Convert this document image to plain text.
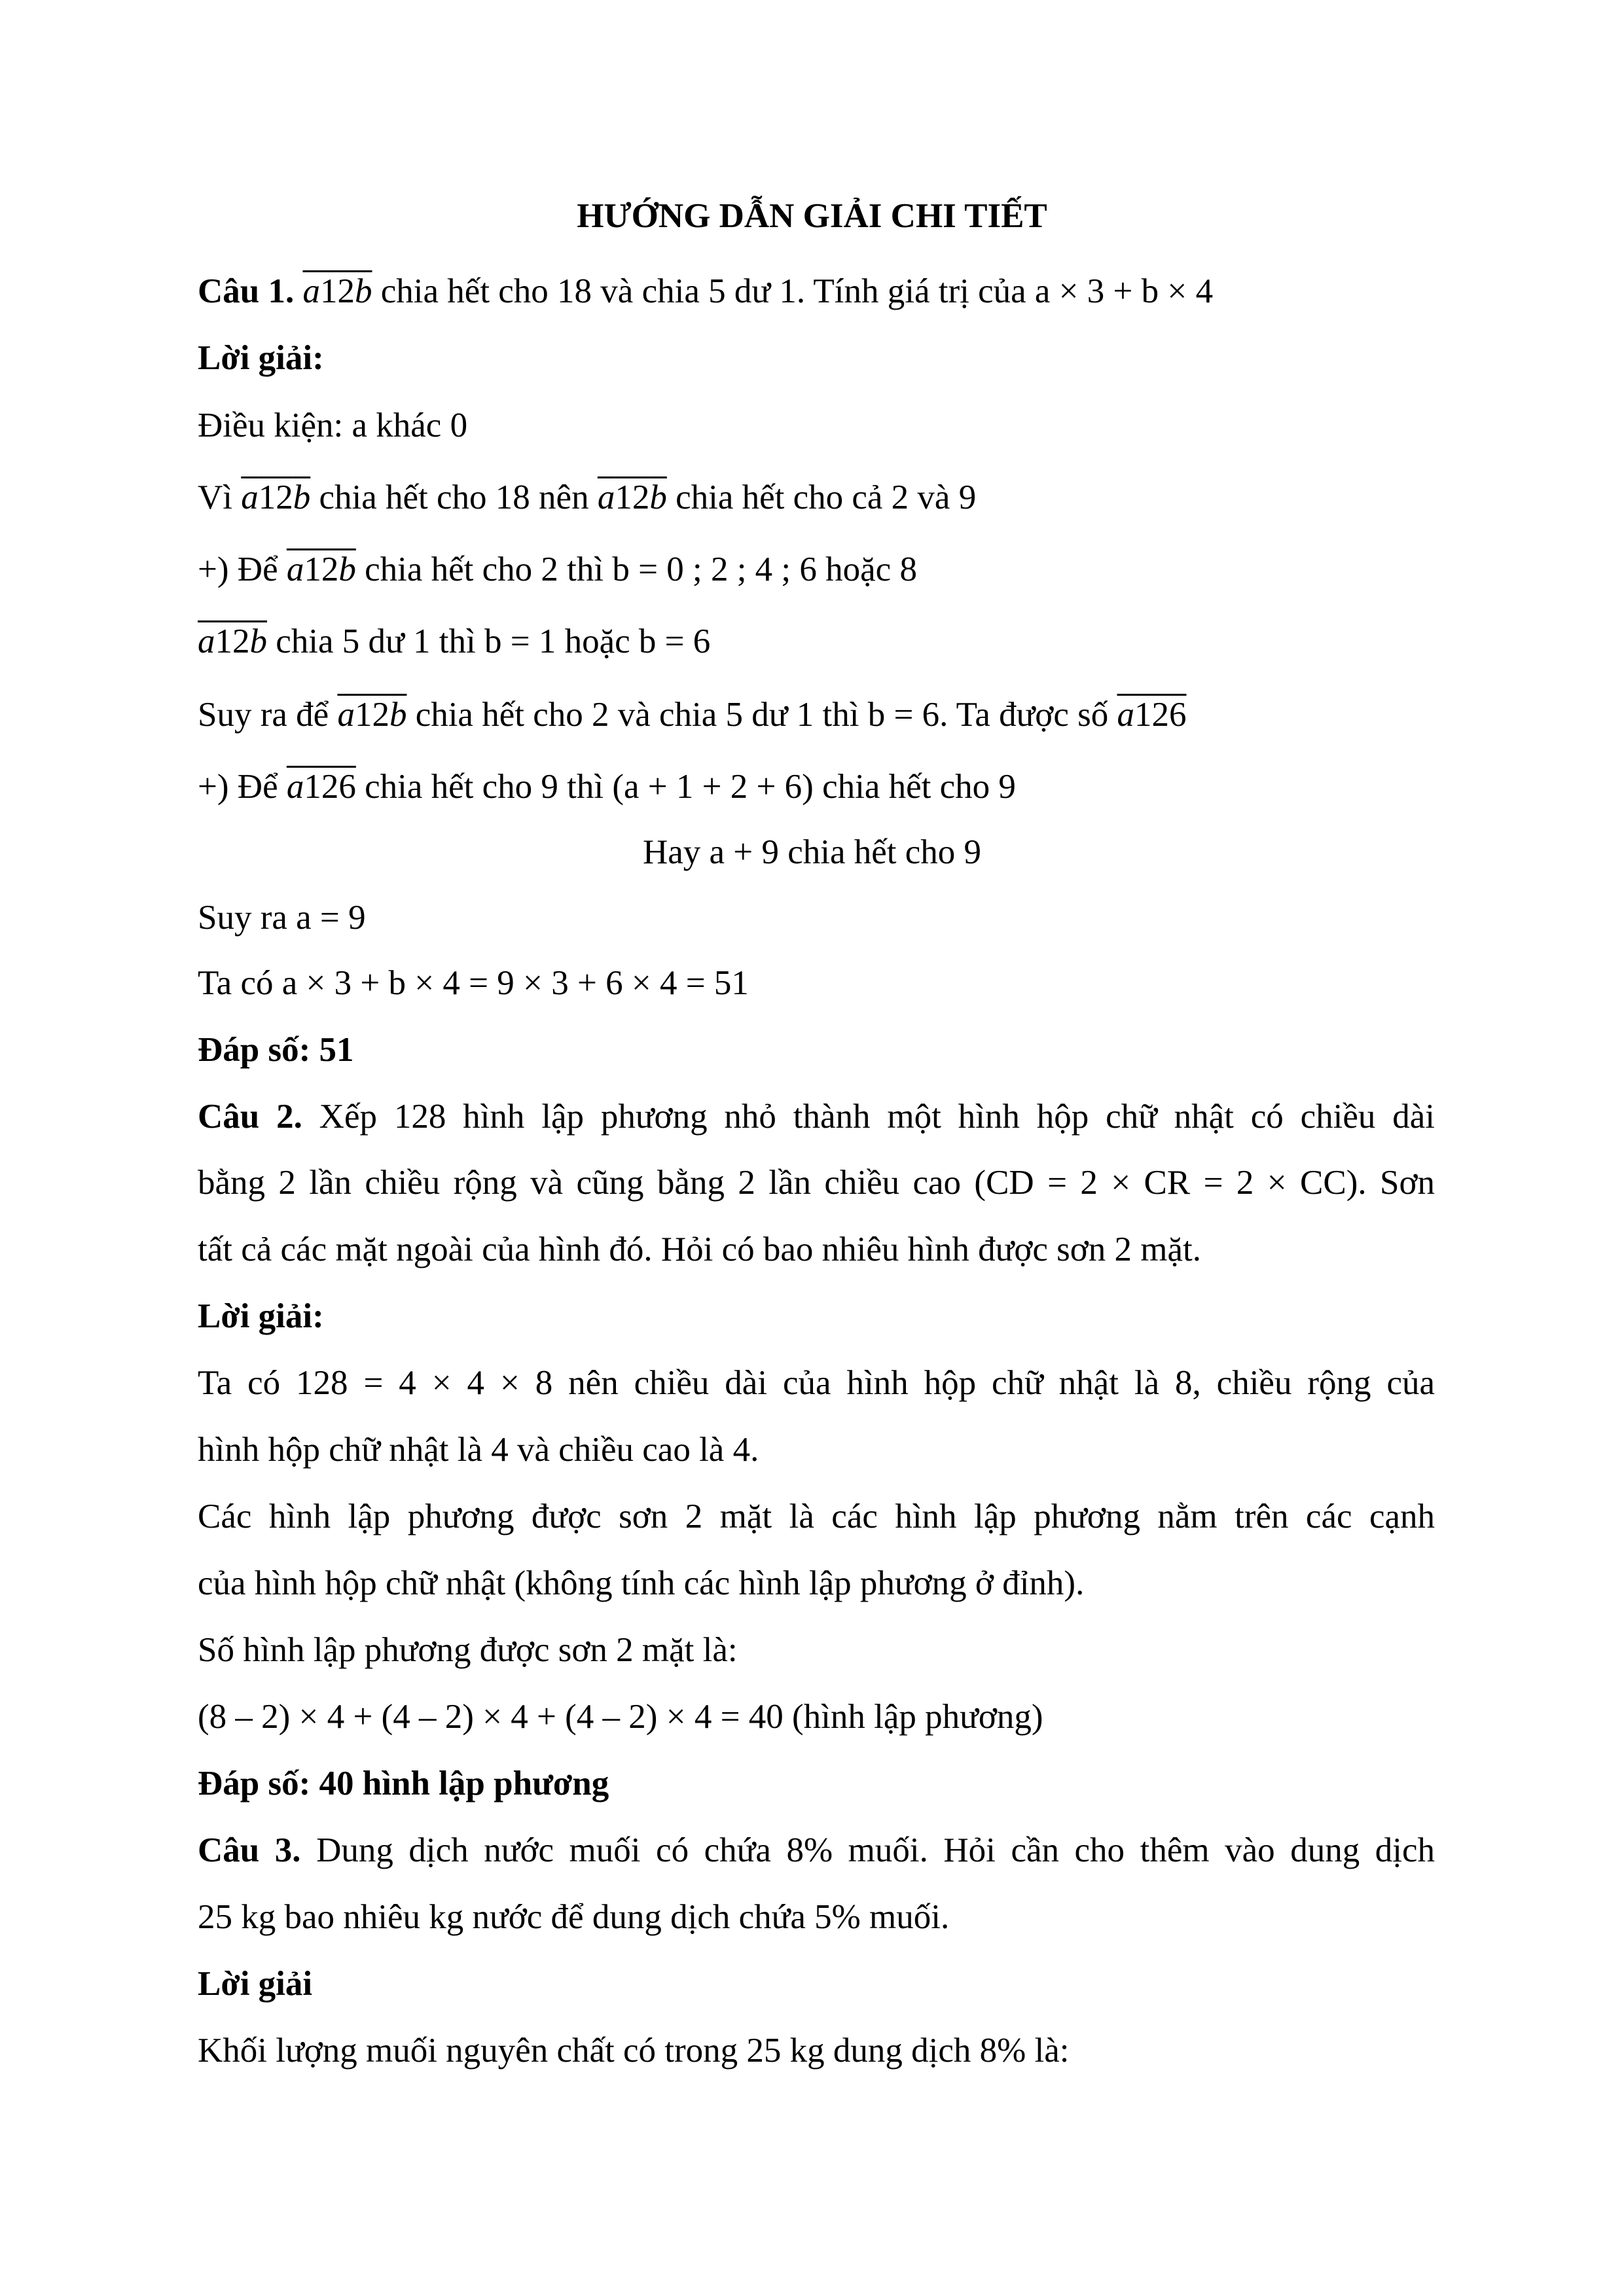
HƯỚNG DẪN GIẢI CHI TIẾT
Câu 1. a12b chia hết cho 18 và chia 5 dư 1. Tính giá trị của a × 3 + b × 4
Lời giải:
Điều kiện: a khác 0
Vì a12b chia hết cho 18 nên a12b chia hết cho cả 2 và 9
+) Để a12b chia hết cho 2 thì b = 0 ; 2 ; 4 ; 6 hoặc 8
a12b chia 5 dư 1 thì b = 1 hoặc b = 6
Suy ra để a12b chia hết cho 2 và chia 5 dư 1 thì b = 6. Ta được số a126
+) Để a126 chia hết cho 9 thì (a + 1 + 2 + 6) chia hết cho 9
Hay a + 9 chia hết cho 9
Suy ra a = 9
Ta có a × 3 + b × 4 = 9 × 3 + 6 × 4 = 51
Đáp số: 51
Câu 2. Xếp 128 hình lập phương nhỏ thành một hình hộp chữ nhật có chiều dài
bằng 2 lần chiều rộng và cũng bằng 2 lần chiều cao (CD = 2 × CR = 2 × CC). Sơn
tất cả các mặt ngoài của hình đó. Hỏi có bao nhiêu hình được sơn 2 mặt.
Lời giải:
Ta có 128 = 4 × 4 × 8 nên chiều dài của hình hộp chữ nhật là 8, chiều rộng của
hình hộp chữ nhật là 4 và chiều cao là 4.
Các hình lập phương được sơn 2 mặt là các hình lập phương nằm trên các cạnh
của hình hộp chữ nhật (không tính các hình lập phương ở đỉnh).
Số hình lập phương được sơn 2 mặt là:
(8 – 2) × 4 + (4 – 2) × 4 + (4 – 2) × 4 = 40 (hình lập phương)
Đáp số: 40 hình lập phương
Câu 3. Dung dịch nước muối có chứa 8% muối. Hỏi cần cho thêm vào dung dịch
25 kg bao nhiêu kg nước để dung dịch chứa 5% muối.
Lời giải
Khối lượng muối nguyên chất có trong 25 kg dung dịch 8% là:
